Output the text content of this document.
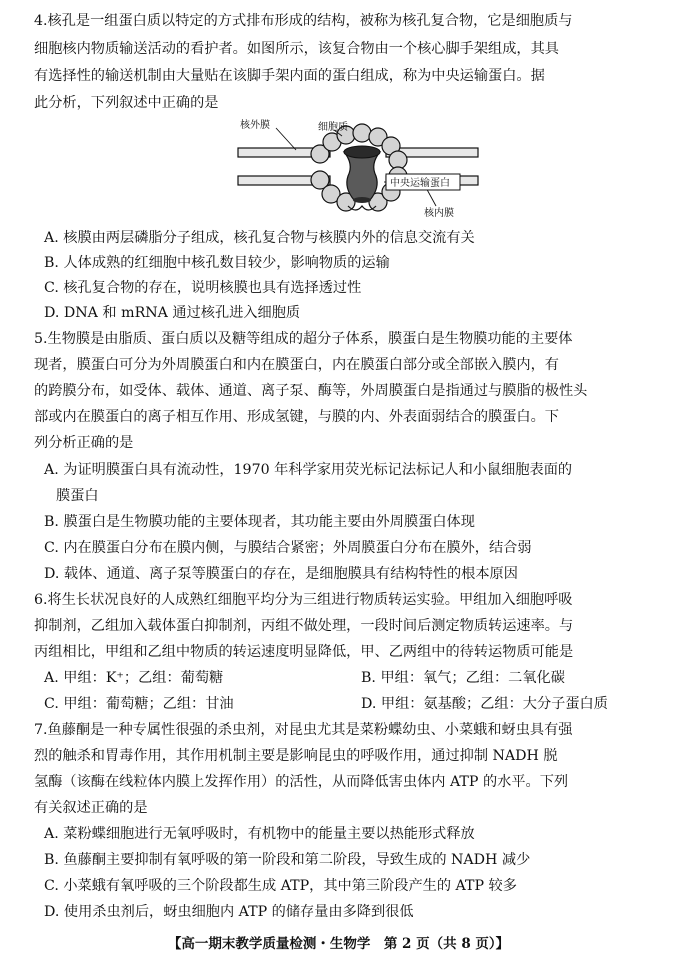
4.核孔是一组蛋白质以特定的方式排布形成的结构，被称为核孔复合物，它是细胞质与
细胞核内物质输送活动的看护者。如图所示，该复合物由一个核心脚手架组成，其具
有选择性的输送机制由大量贴在该脚手架内面的蛋白组成，称为中央运输蛋白。据
此分析，下列叙述中正确的是
核外膜	细胞质
中央运输蛋白
核内膜
A. 核膜由两层磷脂分子组成，核孔复合物与核膜内外的信息交流有关
B. 人体成熟的红细胞中核孔数目较少，影响物质的运输
C. 核孔复合物的存在，说明核膜也具有选择透过性
D. DNA 和 mRNA 通过核孔进入细胞质
5.生物膜是由脂质、蛋白质以及糖等组成的超分子体系，膜蛋白是生物膜功能的主要体
现者，膜蛋白可分为外周膜蛋白和内在膜蛋白，内在膜蛋白部分或全部嵌入膜内，有
的跨膜分布，如受体、载体、通道、离子泵、酶等，外周膜蛋白是指通过与膜脂的极性头
部或内在膜蛋白的离子相互作用、形成氢键，与膜的内、外表面弱结合的膜蛋白。下
列分析正确的是
A. 为证明膜蛋白具有流动性，1970 年科学家用荧光标记法标记人和小鼠细胞表面的
膜蛋白
B. 膜蛋白是生物膜功能的主要体现者，其功能主要由外周膜蛋白体现
C. 内在膜蛋白分布在膜内侧，与膜结合紧密；外周膜蛋白分布在膜外，结合弱
D. 载体、通道、离子泵等膜蛋白的存在，是细胞膜具有结构特性的根本原因
6.将生长状况良好的人成熟红细胞平均分为三组进行物质转运实验。甲组加入细胞呼吸
抑制剂，乙组加入载体蛋白抑制剂，丙组不做处理，一段时间后测定物质转运速率。与
丙组相比，甲组和乙组中物质的转运速度明显降低，甲、乙两组中的待转运物质可能是
A. 甲组：K⁺；乙组：葡萄糖	B. 甲组：氧气；乙组：二氧化碳
C. 甲组：葡萄糖；乙组：甘油	D. 甲组：氨基酸；乙组：大分子蛋白质
7.鱼藤酮是一种专属性很强的杀虫剂，对昆虫尤其是菜粉蝶幼虫、小菜蛾和蚜虫具有强
烈的触杀和胃毒作用，其作用机制主要是影响昆虫的呼吸作用，通过抑制 NADH 脱
氢酶（该酶在线粒体内膜上发挥作用）的活性，从而降低害虫体内 ATP 的水平。下列
有关叙述正确的是
A. 菜粉蝶细胞进行无氧呼吸时，有机物中的能量主要以热能形式释放
B. 鱼藤酮主要抑制有氧呼吸的第一阶段和第二阶段，导致生成的 NADH 减少
C. 小菜蛾有氧呼吸的三个阶段都生成 ATP，其中第三阶段产生的 ATP 较多
D. 使用杀虫剂后，蚜虫细胞内 ATP 的储存量由多降到很低
【高一期末教学质量检测・生物学　第 2 页（共 8 页）】
